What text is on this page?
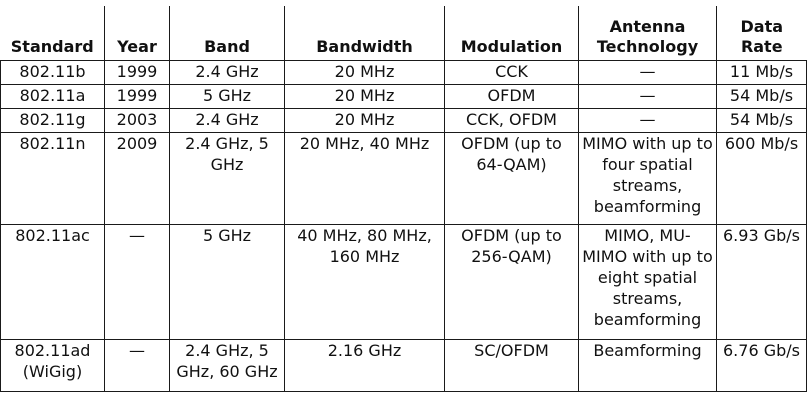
Standard	Year	Band	Bandwidth	Modulation	Antenna Technology	Data Rate
802.11b	1999	2.4 GHz	20 MHz	CCK	—	11 Mb/s
802.11a	1999	5 GHz	20 MHz	OFDM	—	54 Mb/s
802.11g	2003	2.4 GHz	20 MHz	CCK, OFDM	—	54 Mb/s
802.11n	2009	2.4 GHz, 5 GHz	20 MHz, 40 MHz	OFDM (up to 64-QAM)	MIMO with up to four spatial streams, beamforming	600 Mb/s
802.11ac	—	5 GHz	40 MHz, 80 MHz, 160 MHz	OFDM (up to 256-QAM)	MIMO, MU-MIMO with up to eight spatial streams, beamforming	6.93 Gb/s
802.11ad (WiGig)	—	2.4 GHz, 5 GHz, 60 GHz	2.16 GHz	SC/OFDM	Beamforming	6.76 Gb/s
